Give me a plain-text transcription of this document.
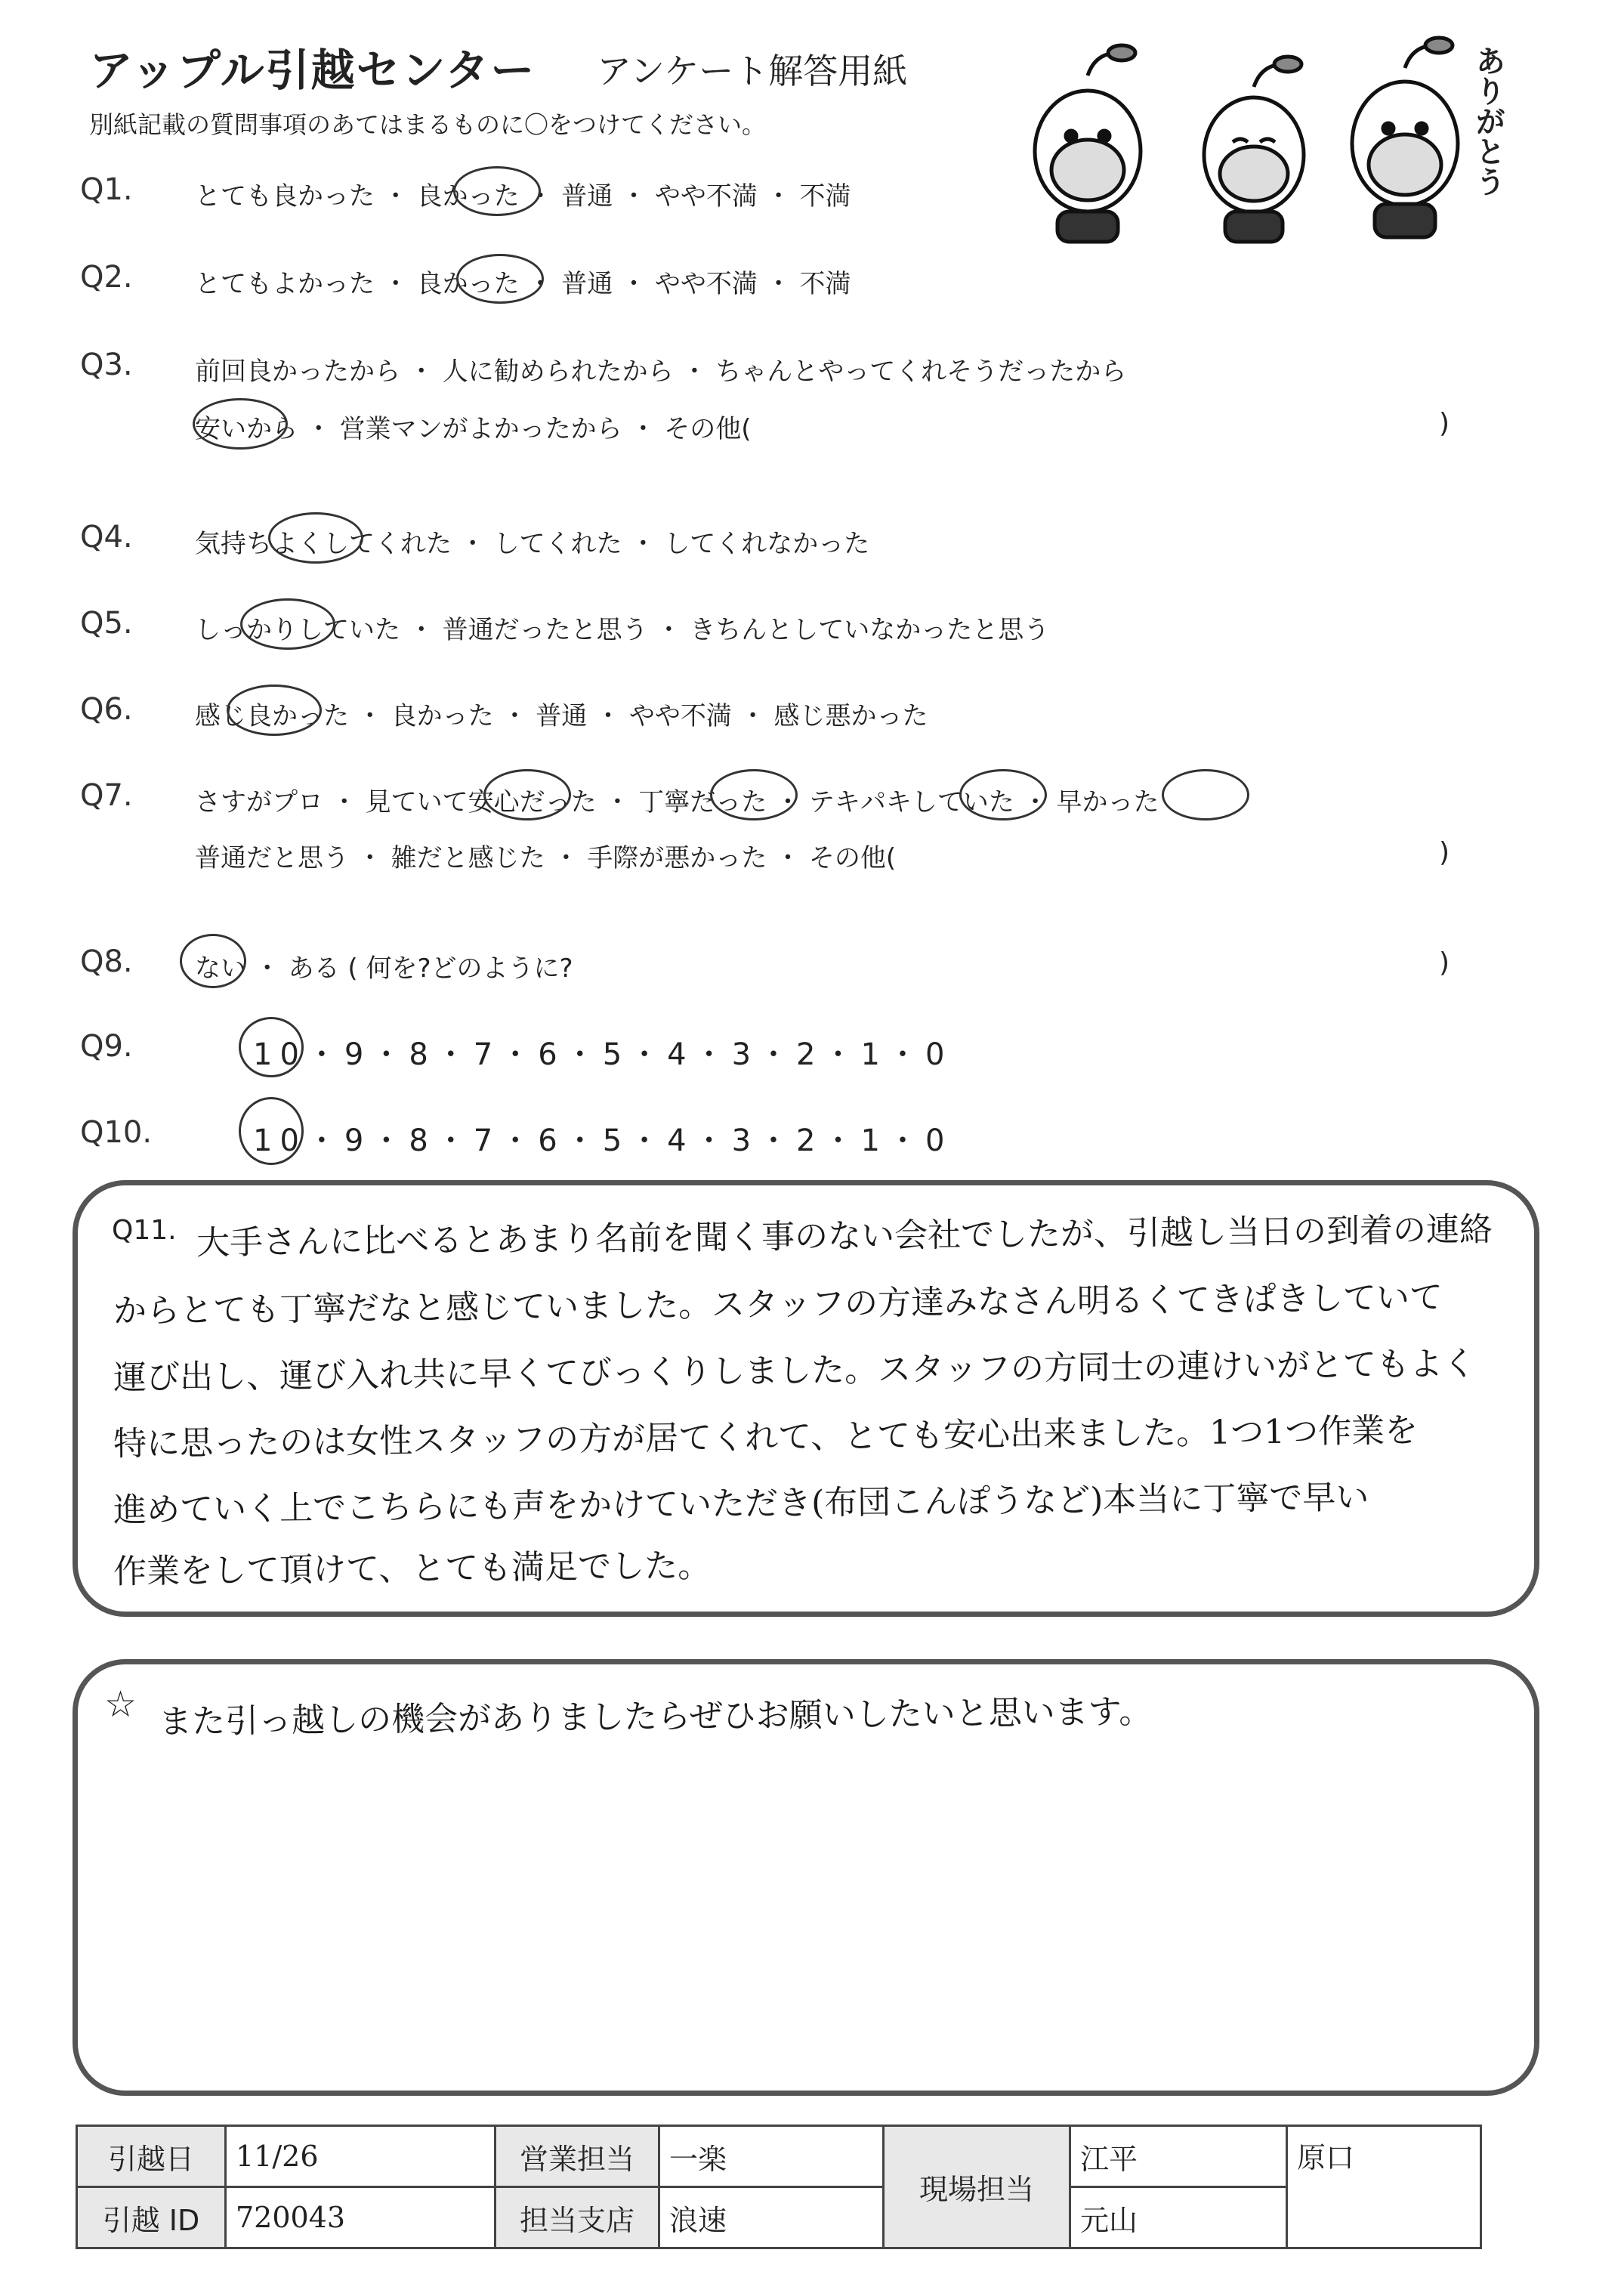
アップル引越センター アンケート解答用紙
別紙記載の質問事項のあてはまるものに〇をつけてください。	ありがとう
Q1. とても良かった ・ 良かった ・ 普通 ・ やや不満 ・ 不満
Q2. とてもよかった ・ 良かった ・ 普通 ・ やや不満 ・ 不満
Q3. 前回良かったから ・ 人に勧められたから ・ ちゃんとやってくれそうだったから
安いから ・ 営業マンがよかったから ・ その他(	)
Q4. 気持ちよくしてくれた ・ してくれた ・ してくれなかった
Q5. しっかりしていた ・ 普通だったと思う ・ きちんとしていなかったと思う
Q6. 感じ良かった ・ 良かった ・ 普通 ・ やや不満 ・ 感じ悪かった
Q7. さすがプロ ・ 見ていて安心だった ・ 丁寧だった ・ テキパキしていた ・ 早かった
普通だと思う ・ 雑だと感じた ・ 手際が悪かった ・ その他(	)
Q8. ない ・ ある ( 何を?どのように?	)
Q9.	10・9・8・7・6・5・4・3・2・1・0
Q10.	10・9・8・7・6・5・4・3・2・1・0
Q11. 大手さんに比べるとあまり名前を聞く事のない会社でしたが、引越し当日の到着の連絡
からとても丁寧だなと感じていました。スタッフの方達みなさん明るくてきぱきしていて
運び出し、運び入れ共に早くてびっくりしました。スタッフの方同士の連けいがとてもよく
特に思ったのは女性スタッフの方が居てくれて、とても安心出来ました。1つ1つ作業を
進めていく上でこちらにも声をかけていただき(布団こんぽうなど)本当に丁寧で早い
作業をして頂けて、とても満足でした。
☆ また引っ越しの機会がありましたらぜひお願いしたいと思います。
引越日	11/26	営業担当	一楽	現場担当	江平	原口
引越 ID	720043	担当支店	浪速		元山	
